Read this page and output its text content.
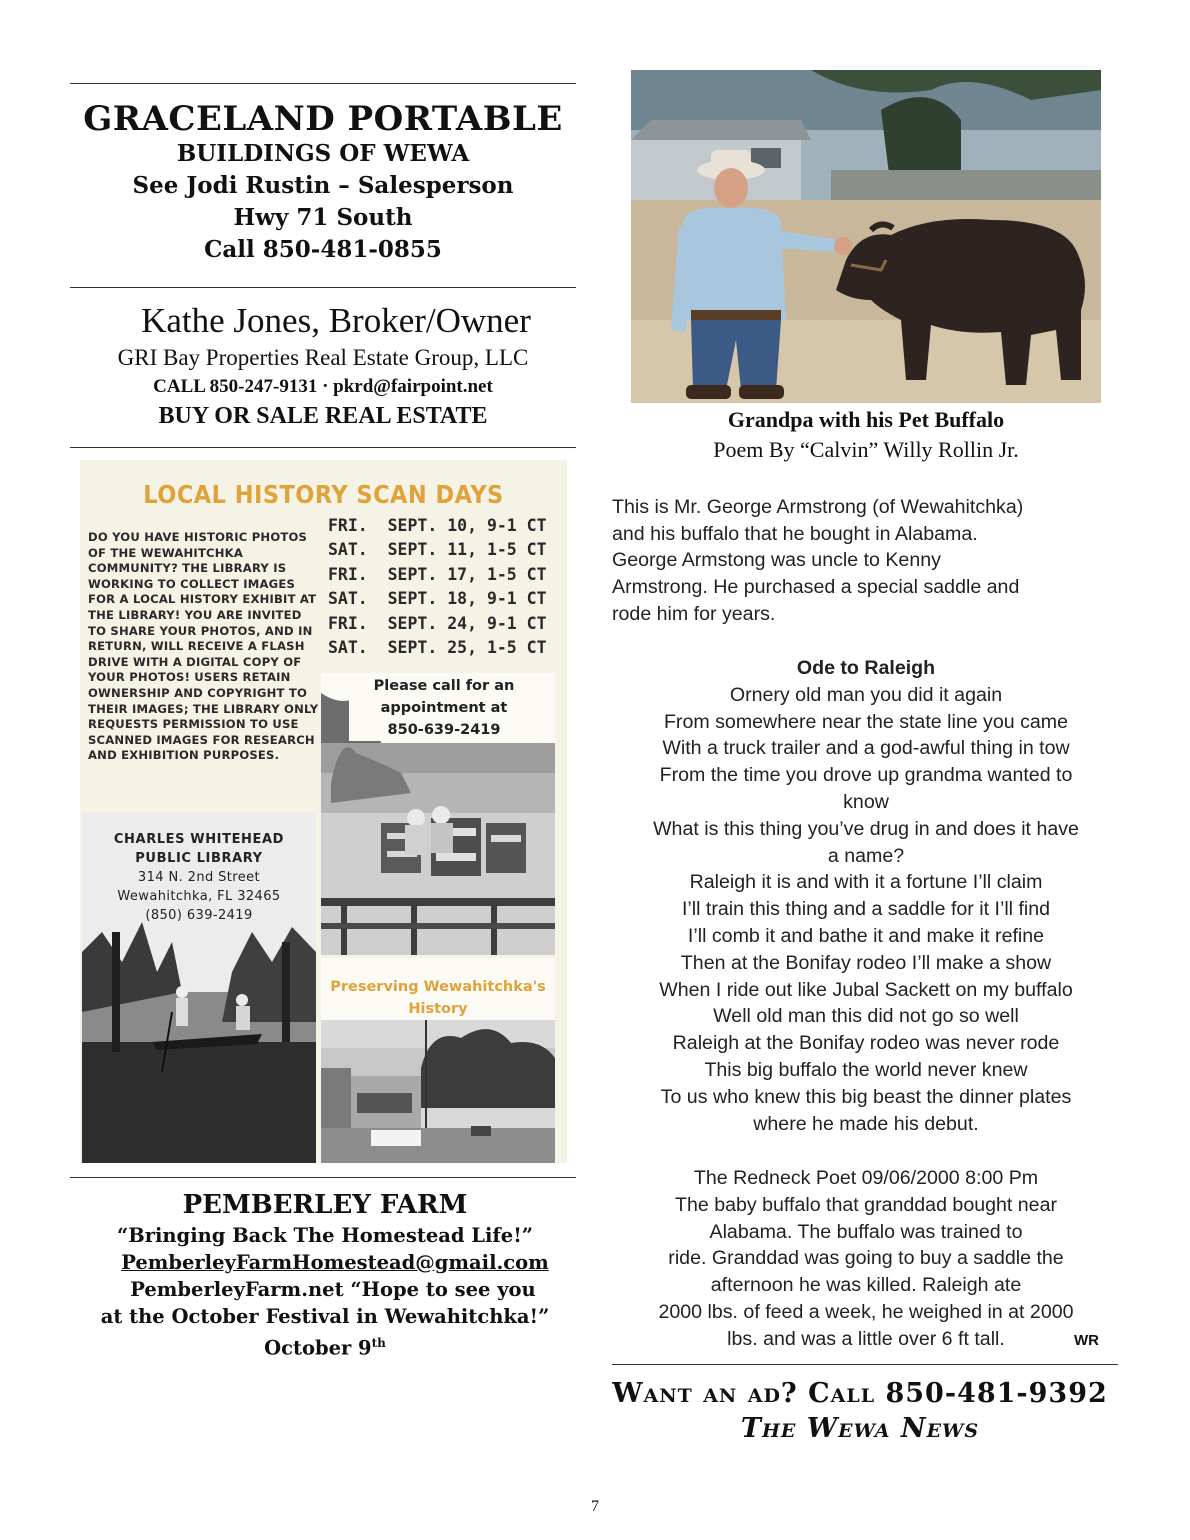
GRACELAND PORTABLE
BUILDINGS OF WEWA
See Jodi Rustin – Salesperson
Hwy 71 South
Call 850-481-0855
Kathe Jones, Broker/Owner
GRI Bay Properties Real Estate Group, LLC
CALL 850-247-9131 · pkrd@fairpoint.net
BUY OR SALE REAL ESTATE
LOCAL HISTORY SCAN DAYS
DO YOU HAVE HISTORIC PHOTOS OF THE WEWAHITCHKA COMMUNITY? THE LIBRARY IS WORKING TO COLLECT IMAGES FOR A LOCAL HISTORY EXHIBIT AT THE LIBRARY! YOU ARE INVITED TO SHARE YOUR PHOTOS, AND IN RETURN, WILL RECEIVE A FLASH DRIVE WITH A DIGITAL COPY OF YOUR PHOTOS! USERS RETAIN OWNERSHIP AND COPYRIGHT TO THEIR IMAGES; THE LIBRARY ONLY REQUESTS PERMISSION TO USE SCANNED IMAGES FOR RESEARCH AND EXHIBITION PURPOSES.
FRI.  SEPT. 10, 9-1 CT
SAT.  SEPT. 11, 1-5 CT
FRI.  SEPT. 17, 1-5 CT
SAT.  SEPT. 18, 9-1 CT
FRI.  SEPT. 24, 9-1 CT
SAT.  SEPT. 25, 1-5 CT
Please call for an
appointment at
850-639-2419
CHARLES WHITEHEAD
PUBLIC LIBRARY
314 N. 2nd Street
Wewahitchka, FL 32465
(850) 639-2419
Preserving Wewahitchka's
History
PEMBERLEY FARM
“Bringing Back The Homestead Life!”
PemberleyFarmHomestead@gmail.com
PemberleyFarm.net “Hope to see you
at the October Festival in Wewahitchka!”
October 9th
Grandpa with his Pet Buffalo
Poem By “Calvin” Willy Rollin Jr.
This is Mr. George Armstrong (of Wewahitchka)
and his buffalo that he bought in Alabama.
George Armstong was uncle to Kenny
Armstrong. He purchased a special saddle and
rode him for years.
Ode to Raleigh
Ornery old man you did it again
From somewhere near the state line you came
With a truck trailer and a god-awful thing in tow
From the time you drove up grandma wanted to
know
What is this thing you’ve drug in and does it have
a name?
Raleigh it is and with it a fortune I’ll claim
I’ll train this thing and a saddle for it I’ll find
I’ll comb it and bathe it and make it refine
Then at the Bonifay rodeo I’ll make a show
When I ride out like Jubal Sackett on my buffalo
Well old man this did not go so well
Raleigh at the Bonifay rodeo was never rode
This big buffalo the world never knew
To us who knew this big beast the dinner plates
where he made his debut.
The Redneck Poet 09/06/2000 8:00 Pm
The baby buffalo that granddad bought near
Alabama. The buffalo was trained to
ride. Granddad was going to buy a saddle the
afternoon he was killed. Raleigh ate
2000 lbs. of feed a week, he weighed in at 2000
lbs. and was a little over 6 ft tall.	WR
Want an ad? Call 850-481-9392
The Wewa News
7
